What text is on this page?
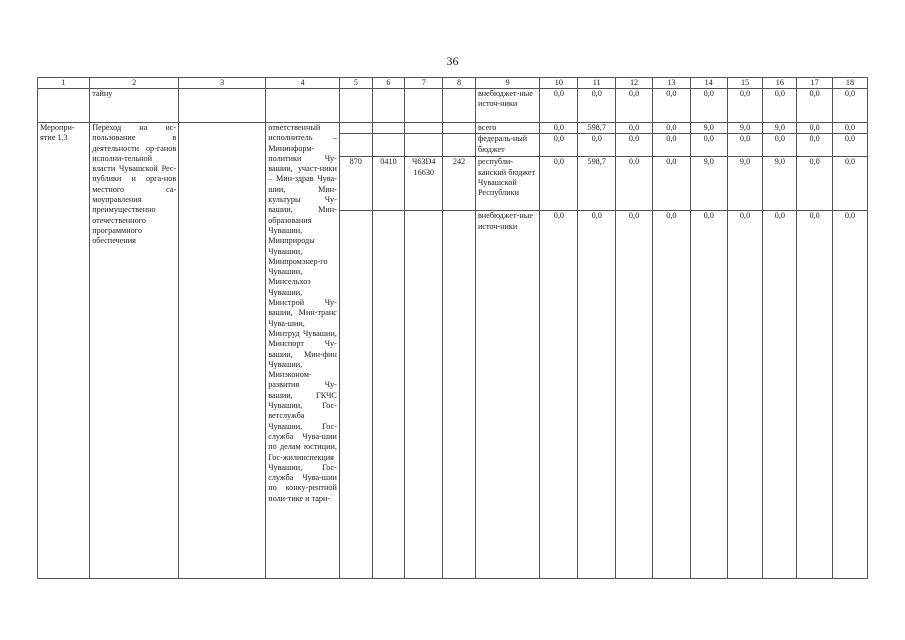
36
1	2	3	4	5	6	7	8	9	10	11	12	13	14	15	16	17	18
	тайну							внебюджет-ные источ-ники	0,0	0,0	0,0	0,0	0,0	0,0	0,0	0,0	0,0
Меропри-ятие 1.3	Переход на ис-пользование в деятельности ор-ганов исполни-тельной власти Чувашской Рес-публики и орга-нов местного са-моуправления преимущественно отечественного программного обеспечения		ответственный исполнитель – Мининформ-политики Чу-вашии, участ-ники – Мин-здрав Чува-шии, Мин-культуры Чу-вашии, Мин-образования Чувашии, Минприроды Чувашии, Минпромэнер-го Чувашии, Минсельхоз Чувашии, Минстрой Чу-вашии, Мин-транс Чува-шии, Минтруд Чувашии, Минспорт Чу-вашии, Мин-фин Чувашии, Минэконом-развития Чу-вашии, ГКЧС Чувашии, Гос-ветслужба Чувашии, Гос-служба Чува-шии по делам юстиции, Гос-жилинспекция Чувашии, Гос-служба Чува-шии по конку-рентной поли-тике и тари-					всего	0,0	598,7	0,0	0,0	9,0	9,0	9,0	0,0	0,0
								федераль-ный бюджет	0,0	0,0	0,0	0,0	0,0	0,0	0,0	0,0	0,0
				870	0410	Ч63D4 16630	242	республи-канский бюджет Чувашской Республики	0,0	598,7	0,0	0,0	9,0	9,0	9,0	0,0	0,0
								внебюджет-ные источ-ники	0,0	0,0	0,0	0,0	0,0	0,0	0,0	0,0	0,0
